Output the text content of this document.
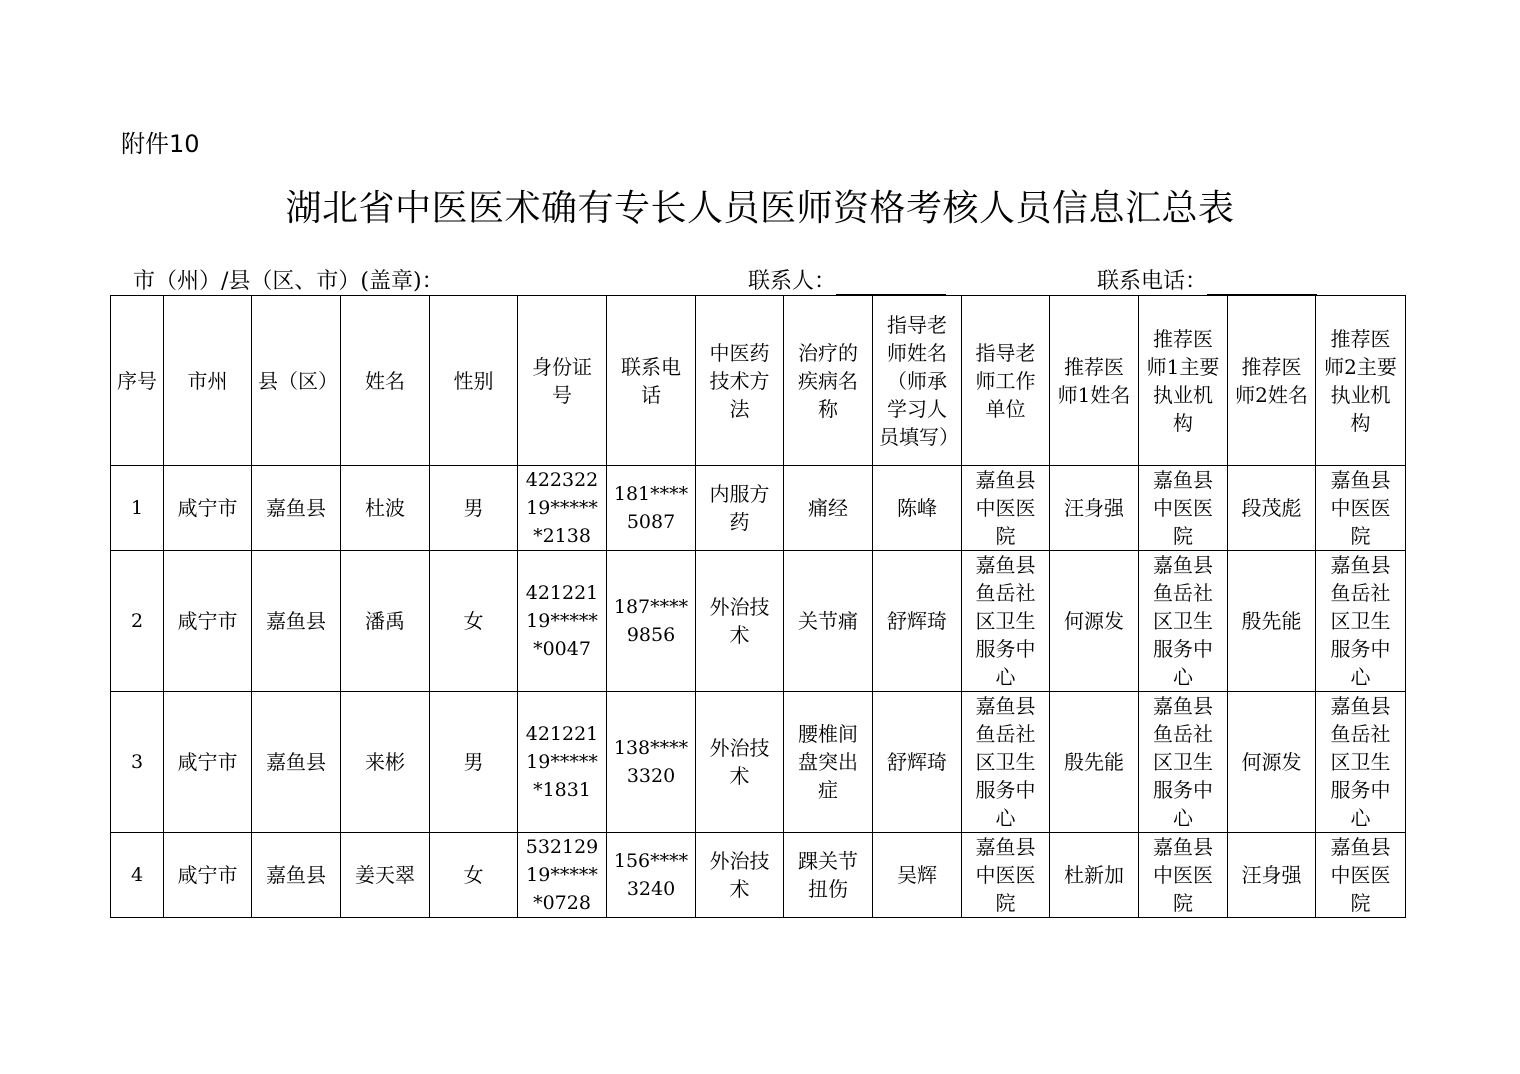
附件10
湖北省中医医术确有专长人员医师资格考核人员信息汇总表
市（州）/县（区、市）(盖章)：	联系人：	联系电话：
序号	市州	县（区）	姓名	性别	身份证号	联系电话	中医药技术方法	治疗的疾病名称	指导老师姓名（师承学习人员填写）	指导老师工作单位	推荐医师1姓名	推荐医师1主要执业机构	推荐医师2姓名	推荐医师2主要执业机构
1	咸宁市	嘉鱼县	杜波	男	42232219******2138	181****5087	内服方药	痛经	陈峰	嘉鱼县中医医院	汪身强	嘉鱼县中医医院	段茂彪	嘉鱼县中医医院
2	咸宁市	嘉鱼县	潘禹	女	42122119******0047	187****9856	外治技术	关节痛	舒辉琦	嘉鱼县鱼岳社区卫生服务中心	何源发	嘉鱼县鱼岳社区卫生服务中心	殷先能	嘉鱼县鱼岳社区卫生服务中心
3	咸宁市	嘉鱼县	来彬	男	42122119******1831	138****3320	外治技术	腰椎间盘突出症	舒辉琦	嘉鱼县鱼岳社区卫生服务中心	殷先能	嘉鱼县鱼岳社区卫生服务中心	何源发	嘉鱼县鱼岳社区卫生服务中心
4	咸宁市	嘉鱼县	姜天翠	女	53212919******0728	156****3240	外治技术	踝关节扭伤	吴辉	嘉鱼县中医医院	杜新加	嘉鱼县中医医院	汪身强	嘉鱼县中医医院
